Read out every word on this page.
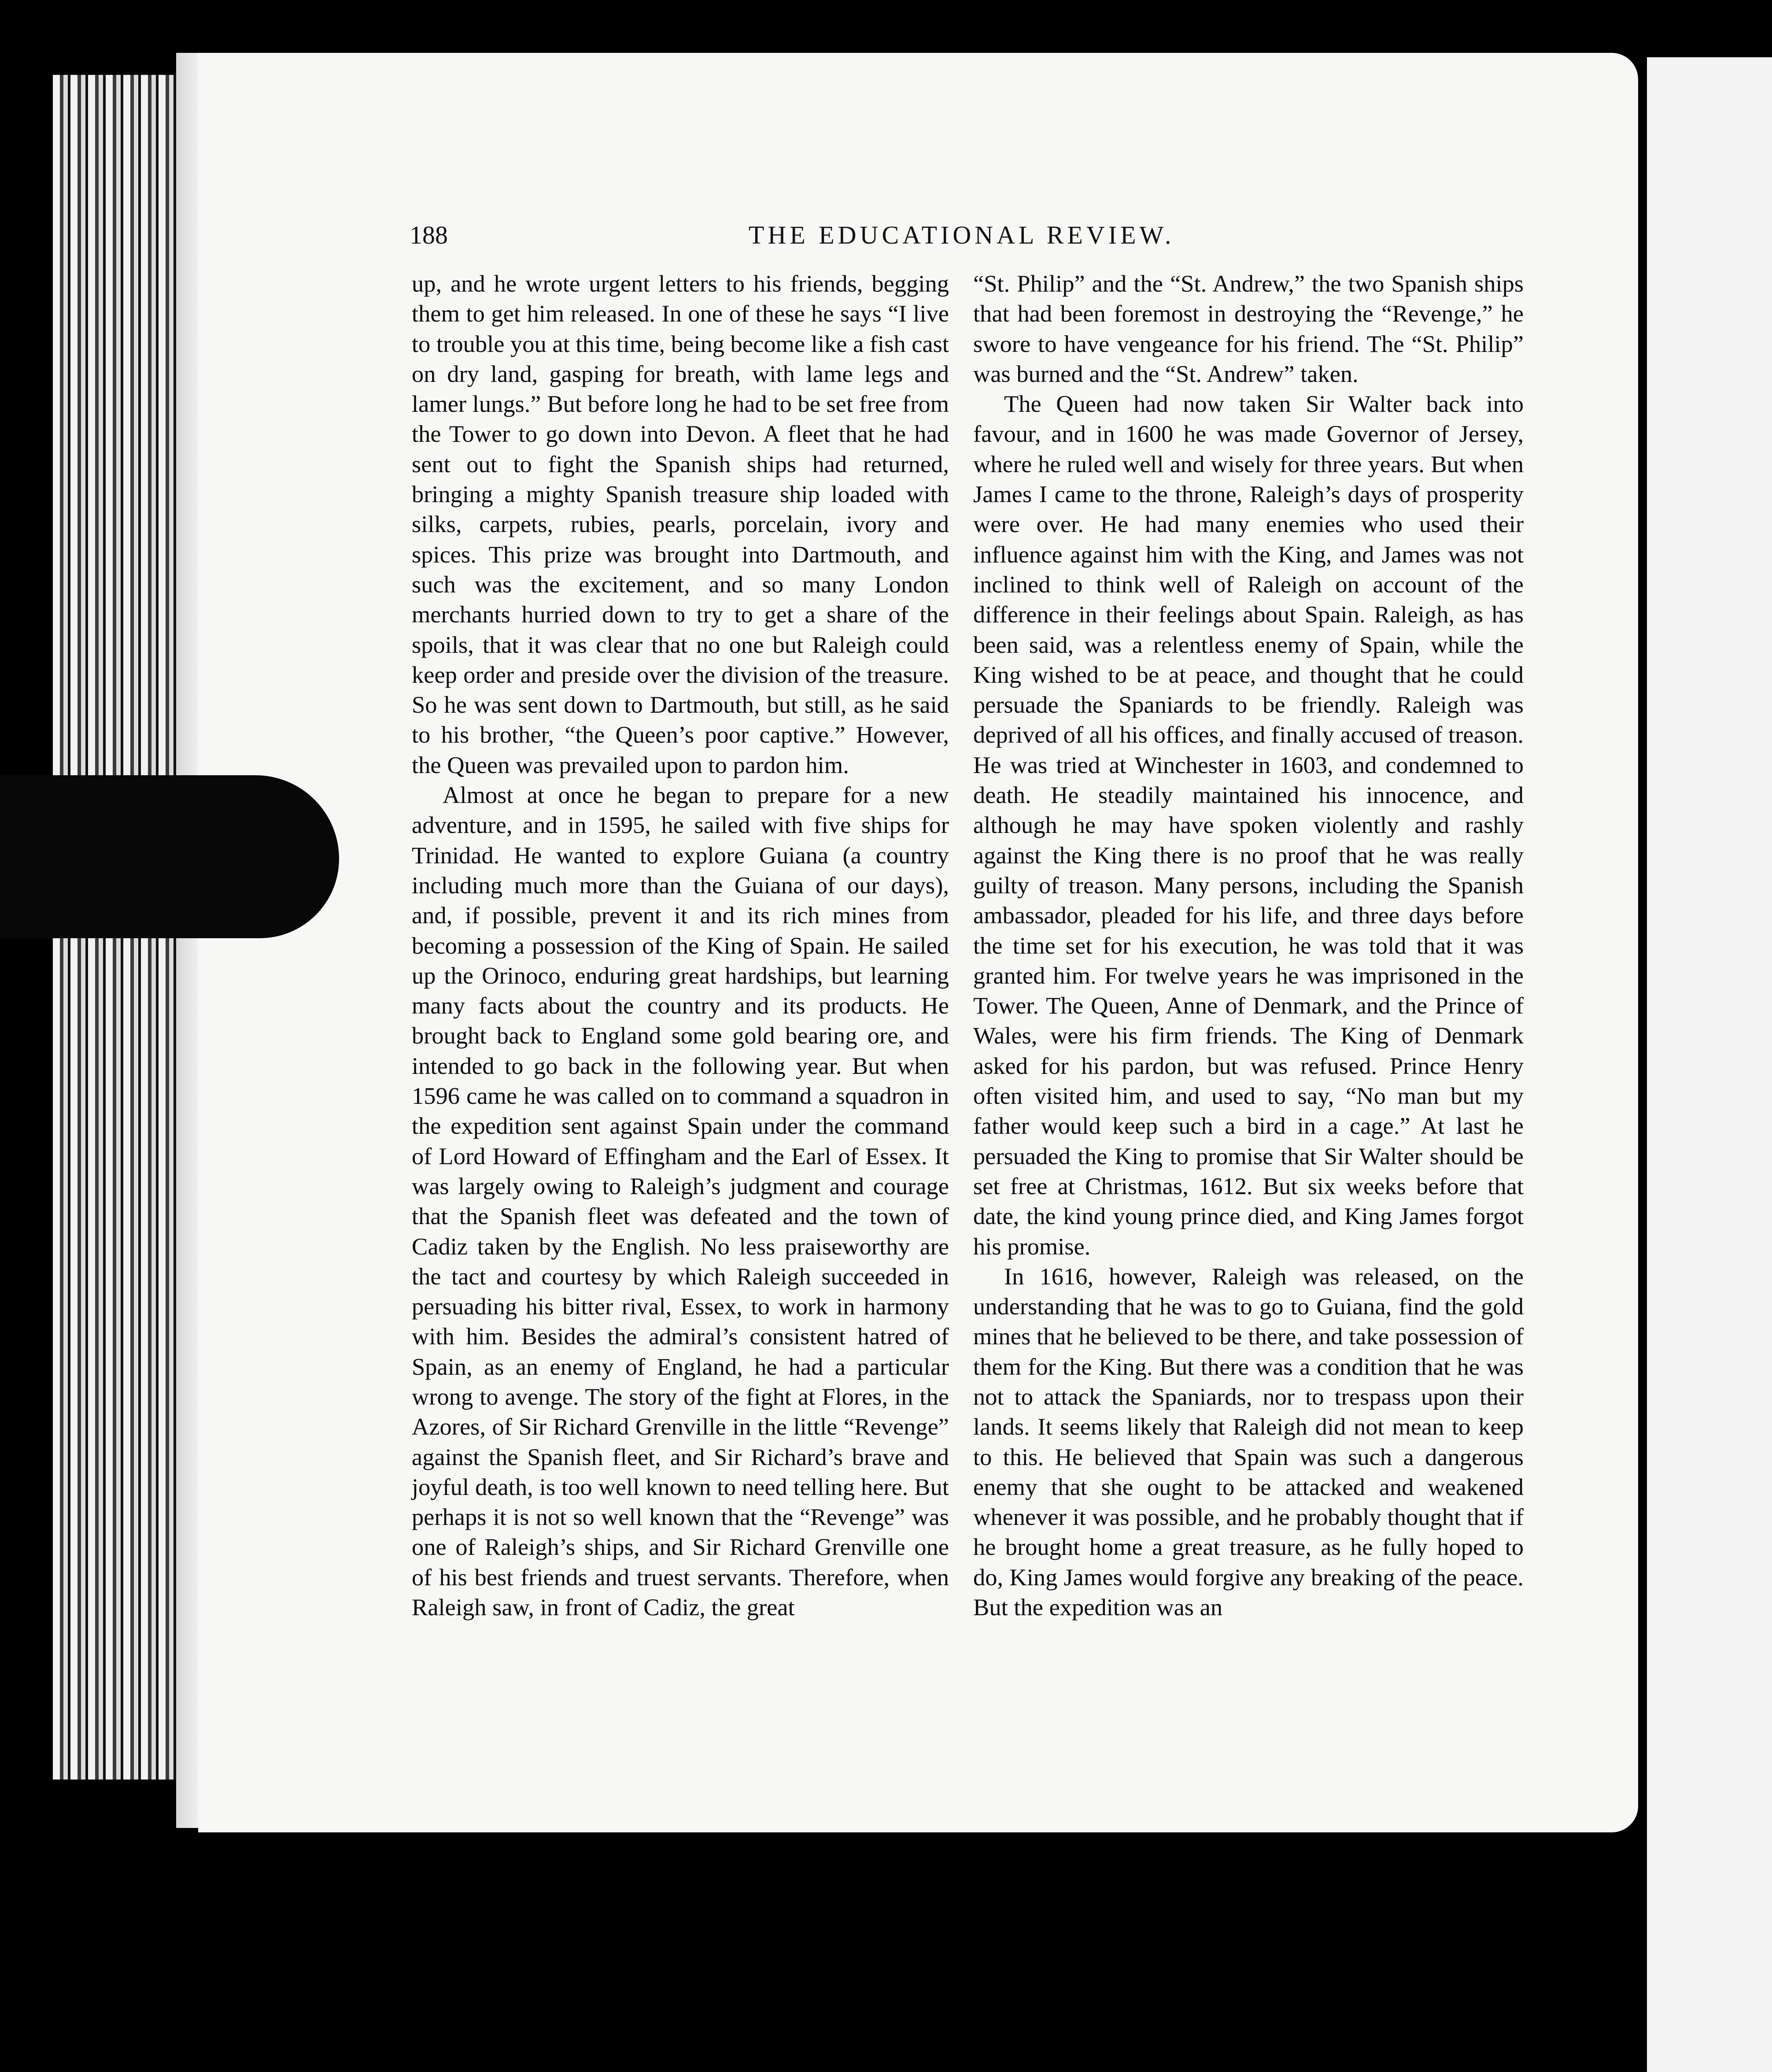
188	THE EDUCATIONAL REVIEW.

up, and he wrote urgent letters to his friends, begging them to get him released. In one of these he says “I live to trouble you at this time, being become like a fish cast on dry land, gasping for breath, with lame legs and lamer lungs.” But before long he had to be set free from the Tower to go down into Devon. A fleet that he had sent out to fight the Spanish ships had returned, bringing a mighty Spanish treasure ship loaded with silks, carpets, rubies, pearls, porcelain, ivory and spices. This prize was brought into Dartmouth, and such was the excitement, and so many London merchants hurried down to try to get a share of the spoils, that it was clear that no one but Raleigh could keep order and preside over the division of the treasure. So he was sent down to Dartmouth, but still, as he said to his brother, “the Queen’s poor captive.” However, the Queen was prevailed upon to pardon him.

Almost at once he began to prepare for a new adventure, and in 1595, he sailed with five ships for Trinidad. He wanted to explore Guiana (a country including much more than the Guiana of our days), and, if possible, prevent it and its rich mines from becoming a possession of the King of Spain. He sailed up the Orinoco, enduring great hardships, but learning many facts about the country and its products. He brought back to England some gold bearing ore, and intended to go back in the following year. But when 1596 came he was called on to command a squadron in the expedition sent against Spain under the command of Lord Howard of Effingham and the Earl of Essex. It was largely owing to Raleigh’s judgment and courage that the Spanish fleet was defeated and the town of Cadiz taken by the English. No less praiseworthy are the tact and courtesy by which Raleigh succeeded in persuading his bitter rival, Essex, to work in harmony with him. Besides the admiral’s consistent hatred of Spain, as an enemy of England, he had a particular wrong to avenge. The story of the fight at Flores, in the Azores, of Sir Richard Grenville in the little “Revenge” against the Spanish fleet, and Sir Richard’s brave and joyful death, is too well known to need telling here. But perhaps it is not so well known that the “Revenge” was one of Raleigh’s ships, and Sir Richard Grenville one of his best friends and truest servants. Therefore, when Raleigh saw, in front of Cadiz, the great

“St. Philip” and the “St. Andrew,” the two Spanish ships that had been foremost in destroying the “Revenge,” he swore to have vengeance for his friend. The “St. Philip” was burned and the “St. Andrew” taken.

The Queen had now taken Sir Walter back into favour, and in 1600 he was made Governor of Jersey, where he ruled well and wisely for three years. But when James I came to the throne, Raleigh’s days of prosperity were over. He had many enemies who used their influence against him with the King, and James was not inclined to think well of Raleigh on account of the difference in their feelings about Spain. Raleigh, as has been said, was a relentless enemy of Spain, while the King wished to be at peace, and thought that he could persuade the Spaniards to be friendly. Raleigh was deprived of all his offices, and finally accused of treason. He was tried at Winchester in 1603, and condemned to death. He steadily maintained his innocence, and although he may have spoken violently and rashly against the King there is no proof that he was really guilty of treason. Many persons, including the Spanish ambassador, pleaded for his life, and three days before the time set for his execution, he was told that it was granted him. For twelve years he was imprisoned in the Tower. The Queen, Anne of Denmark, and the Prince of Wales, were his firm friends. The King of Denmark asked for his pardon, but was refused. Prince Henry often visited him, and used to say, “No man but my father would keep such a bird in a cage.” At last he persuaded the King to promise that Sir Walter should be set free at Christmas, 1612. But six weeks before that date, the kind young prince died, and King James forgot his promise.

In 1616, however, Raleigh was released, on the understanding that he was to go to Guiana, find the gold mines that he believed to be there, and take possession of them for the King. But there was a condition that he was not to attack the Spaniards, nor to trespass upon their lands. It seems likely that Raleigh did not mean to keep to this. He believed that Spain was such a dangerous enemy that she ought to be attacked and weakened whenever it was possible, and he probably thought that if he brought home a great treasure, as he fully hoped to do, King James would forgive any breaking of the peace. But the expedition was an
